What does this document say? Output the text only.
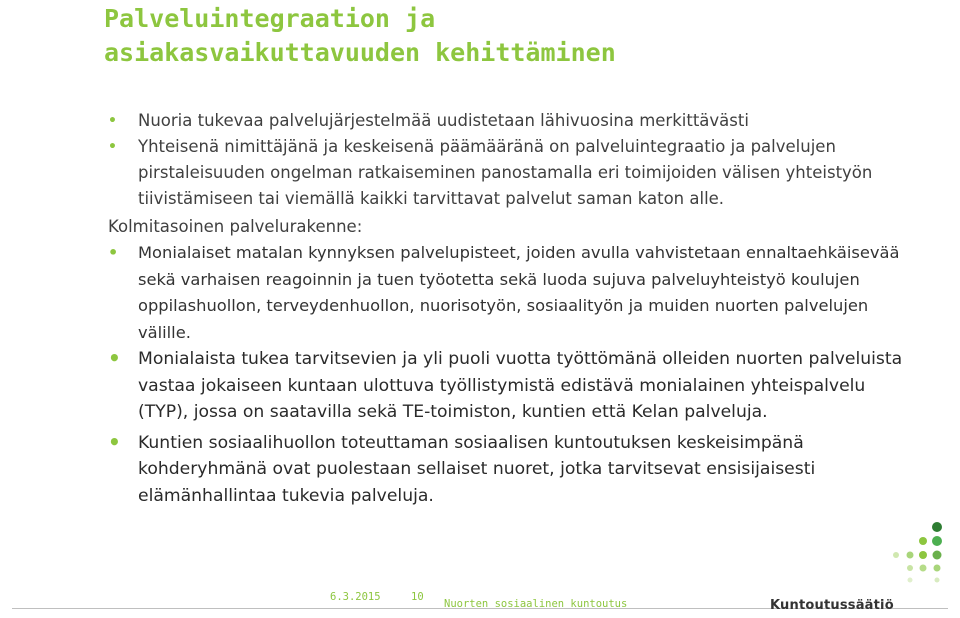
Palveluintegraation ja
asiakasvaikuttavuuden kehittäminen
• Nuoria tukevaa palvelujärjestelmää uudistetaan lähivuosina merkittävästi
• Yhteisenä nimittäjänä ja keskeisenä päämääränä on palveluintegraatio ja palvelujen pirstaleisuuden ongelman ratkaiseminen panostamalla eri toimijoiden välisen yhteistyön tiivistämiseen tai viemällä kaikki tarvittavat palvelut saman katon alle.
Kolmitasoinen palvelurakenne:
• Monialaiset matalan kynnyksen palvelupisteet, joiden avulla vahvistetaan ennaltaehkäisevää sekä varhaisen reagoinnin ja tuen työotetta sekä luoda sujuva palveluyhteistyö koulujen oppilashuollon, terveydenhuollon, nuorisotyön, sosiaalityön ja muiden nuorten palvelujen välille.
• Monialaista tukea tarvitsevien ja yli puoli vuotta työttömänä olleiden nuorten palveluista vastaa jokaiseen kuntaan ulottuva työllistymistä edistävä monialainen yhteispalvelu (TYP), jossa on saatavilla sekä TE-toimiston, kuntien että Kelan palveluja.
• Kuntien sosiaalihuollon toteuttaman sosiaalisen kuntoutuksen keskeisimpänä kohderyhmänä ovat puolestaan sellaiset nuoret, jotka tarvitsevat ensisijaisesti elämänhallintaa tukevia palveluja.
6.3.2015	10
Nuorten sosiaalinen kuntoutus	Kuntoutussäätiö
